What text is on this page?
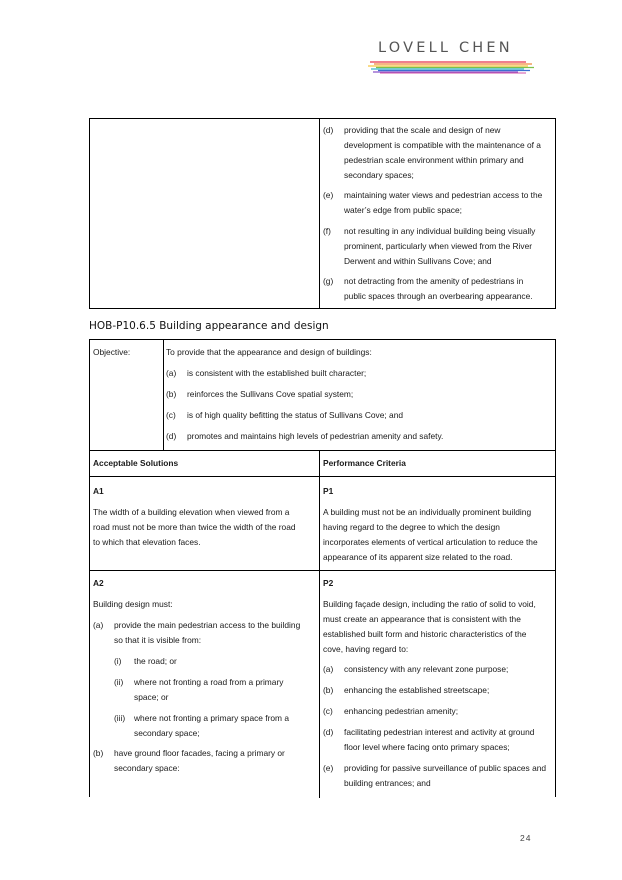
LOVELL CHEN
(d) providing that the scale and design of new
development is compatible with the maintenance of a
pedestrian scale environment within primary and
secondary spaces;
(e) maintaining water views and pedestrian access to the
water’s edge from public space;
(f) not resulting in any individual building being visually
prominent, particularly when viewed from the River
Derwent and within Sullivans Cove; and
(g) not detracting from the amenity of pedestrians in
public spaces through an overbearing appearance.
HOB-P10.6.5 Building appearance and design
Objective:	To provide that the appearance and design of buildings:
(a) is consistent with the established built character;
(b) reinforces the Sullivans Cove spatial system;
(c) is of high quality befitting the status of Sullivans Cove; and
(d) promotes and maintains high levels of pedestrian amenity and safety.
Acceptable Solutions	Performance Criteria
A1
The width of a building elevation when viewed from a
road must not be more than twice the width of the road
to which that elevation faces.
P1
A building must not be an individually prominent building
having regard to the degree to which the design
incorporates elements of vertical articulation to reduce the
appearance of its apparent size related to the road.
A2
Building design must:
(a) provide the main pedestrian access to the building
so that it is visible from:
(i) the road; or
(ii) where not fronting a road from a primary
space; or
(iii) where not fronting a primary space from a
secondary space;
(b) have ground floor facades, facing a primary or
secondary space:
P2
Building façade design, including the ratio of solid to void,
must create an appearance that is consistent with the
established built form and historic characteristics of the
cove, having regard to:
(a) consistency with any relevant zone purpose;
(b) enhancing the established streetscape;
(c) enhancing pedestrian amenity;
(d) facilitating pedestrian interest and activity at ground
floor level where facing onto primary spaces;
(e) providing for passive surveillance of public spaces and
building entrances; and
24
